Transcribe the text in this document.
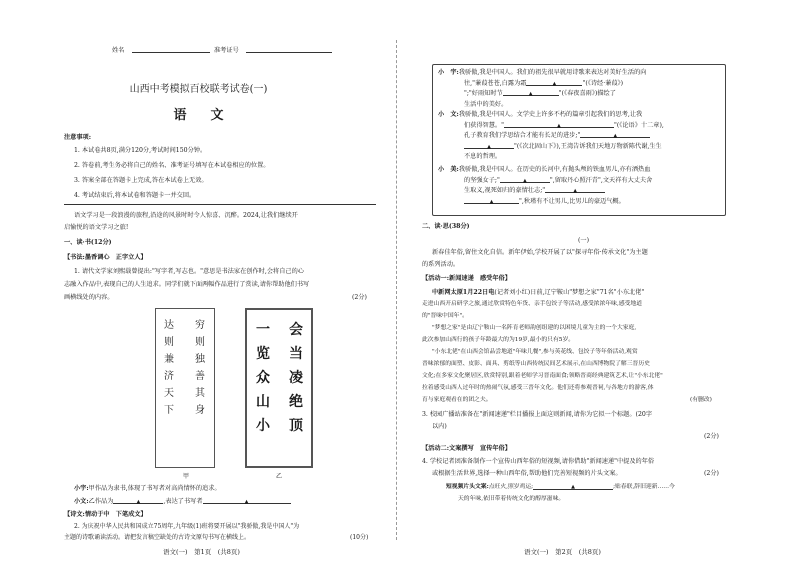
姓名	准考证号
山西中考模拟百校联考试卷(一)
语文
注意事项:
1. 本试卷共8页,满分120分,考试时间150分钟。
2. 答卷前,考生务必将自己的姓名、准考证号填写在本试卷相应的位置。
3. 答案全部在答题卡上完成,答在本试卷上无效。
4. 考试结束后,将本试卷和答题卡一并交回。
语文学习是一段浪漫的旅程,沿途的风景时时令人惊喜、沉醉。2024,让我们继续开
启愉悦的语文学习之旅!
一、读·书(12分)
【书法:墨香调心　正字立人】
1. 请代文学家刘熙载曾提出:"写字者,写志也。"意思是书法家在创作时,会将自己的心
志融入作品中,表现自己的人生追求。同学们就下面两幅作品进行了赏读,请你帮助他们书写
画横线处的内容。	(2分)
达
则
兼
济
天
下
穷
则
独
善
其
身
一
览
众
山
小
会
当
凌
绝
顶
甲	乙
小宇:甲作品为隶书,体现了书写者对高尚情怀的追求。
小文:乙作品为	▲	,表达了书写者	▲
【诗文:情动于中　下笔成文】
2. 为庆祝中华人民共和国成立75周年,九年级(1)班将要开展以"我骄傲,我是中国人"为
主题的诗歌诵读活动。请把发言稿空缺处的古诗文原句书写在横线上。	(10分)
语文(一)　第1页　(共8页)
小　宇:我骄傲,我是中国人。我们的祖先很早就用诗歌来表达对美好生活的向
往,"蒹葭苍苍,白露为霜	▲	"(《诗经·蒹葭》)
";"好雨知时节	▲	"(《春夜喜雨》)描绘了
生活中的美好。
小　文:我骄傲,我是中国人。文学史上许多不朽的篇章引起我们的思考,让我
们获得智慧。"	▲	"(《论语》十二章),
孔子教育我们学思结合才能有长足的进步;"	▲
▲	"(《次北固山下》),王湾告诉我们天地万物新陈代谢,生生
不息的哲理。
小　美:我骄傲,我是中国人。在历史的长河中,有抛头颅的铁血男儿,亦有洒热血
的坚强女子;"	▲	",留取丹心照汗青",文天祥有大丈夫舍
生取义,视死如归的豪情壮志;"	▲
▲	",秋瑾有不让男儿,比男儿的豪迈气概。
二、读·思(38分)
(一)
新春佳年俗,留住文化自信。新年伊始,学校开展了以"探寻年俗·传承文化"为主题
的系列活动。
【活动一:新闻速递　感受年俗】
中新网太原1月22日电(记者刘小红)日前,辽宁鞍山"梦想之家"71名"小东北佬"
走进山西开启研学之旅,通过欣赏特色年货、亲手包饺子等活动,感受浓浓年味,感受地道
的"晋味中国年"。
"梦想之家"是由辽宁鞍山一名阵育老师韵创组建的以困境儿童为主的一个大家庭,
此次参加山西行的孩子年龄最大的为19岁,最小的只有5岁。
"小东北佬"在山西会馆品尝地道"年味儿餐",参与英花线、包饺子等年俗活动,观赏
晋味浓郁的面塑、皮影、面具、剪纸等山西传统民间艺术展示,在山西博物院了解三晋历史
文化;在多家文化聚居区,欣赏特别,跟着老师学习晋南面食;领略晋商经典建筑艺术,让"小东北佬"
拉着感受山西人过年时的热闹气氛,感受三晋年文化。他们还将参观晋祠,与各地方的游客,体
育与家庭观看在的团之夫。	(有删改)
3. 校园广播站准备在"新闻速递"栏目播报上面这则新闻,请你为它拟一个标题。(20字
以内)
(2分)
【活动二:文案撰写　宣传年俗】
4. 学校记者团准备制作一个宣传山西年俗的短视频,请你借助"新闻速递"中提及的年俗
或根据生活世界,选择一种山西年俗,帮助他们完善短视频的片头文案。	(2分)
短视频片头文案:点旺火,照岁鸡运;	▲	;贴春联,辞旧迎新……今
天的年味,依旧带着传统文化的醇厚滋味。
语文(一)　第2页　(共8页)
